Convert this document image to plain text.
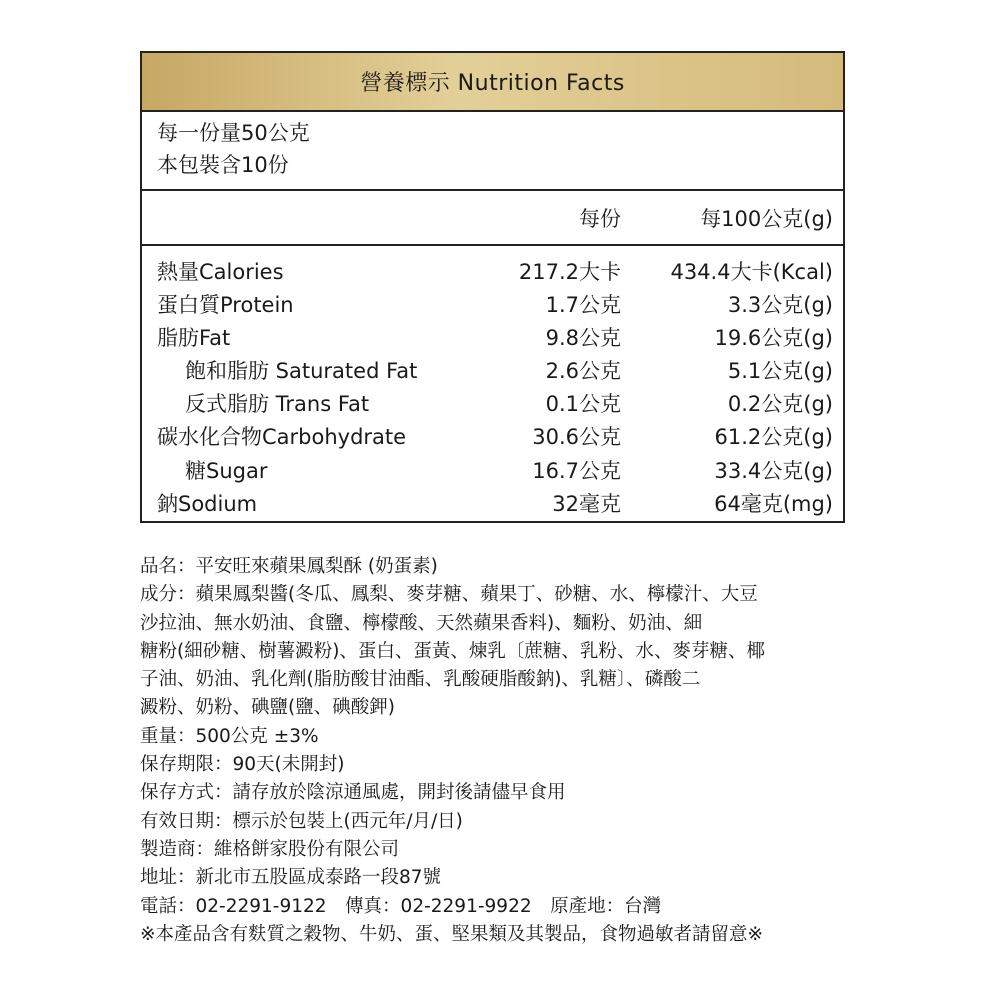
營養標示 Nutrition Facts
每一份量50公克
本包裝含10份
每份	每100公克(g)
熱量Calories	217.2大卡 434.4大卡(Kcal)
蛋白質Protein	1.7公克	3.3公克(g)
脂肪Fat	9.8公克	19.6公克(g)
飽和脂肪 Saturated Fat	2.6公克	5.1公克(g)
反式脂肪 Trans Fat	0.1公克	0.2公克(g)
碳水化合物Carbohydrate	30.6公克	61.2公克(g)
糖Sugar	16.7公克	33.4公克(g)
鈉Sodium	32毫克	64毫克(mg)
品名：平安旺來蘋果鳳梨酥 (奶蛋素)
成分：蘋果鳳梨醬(冬瓜、鳳梨、麥芽糖、蘋果丁、砂糖、水、檸檬汁、大豆
沙拉油、無水奶油、食鹽、檸檬酸、天然蘋果香料)、麵粉、奶油、細
糖粉(細砂糖、樹薯澱粉)、蛋白、蛋黃、煉乳〔蔗糖、乳粉、水、麥芽糖、椰
子油、奶油、乳化劑(脂肪酸甘油酯、乳酸硬脂酸鈉)、乳糖〕、磷酸二
澱粉、奶粉、碘鹽(鹽、碘酸鉀)
重量：500公克 ±3%
保存期限：90天(未開封)
保存方式：請存放於陰涼通風處，開封後請儘早食用
有效日期：標示於包裝上(西元年/月/日)
製造商：維格餅家股份有限公司
地址：新北市五股區成泰路一段87號
電話：02-2291-9122　傳真：02-2291-9922　原產地：台灣
※本產品含有麩質之穀物、牛奶、蛋、堅果類及其製品，食物過敏者請留意※
